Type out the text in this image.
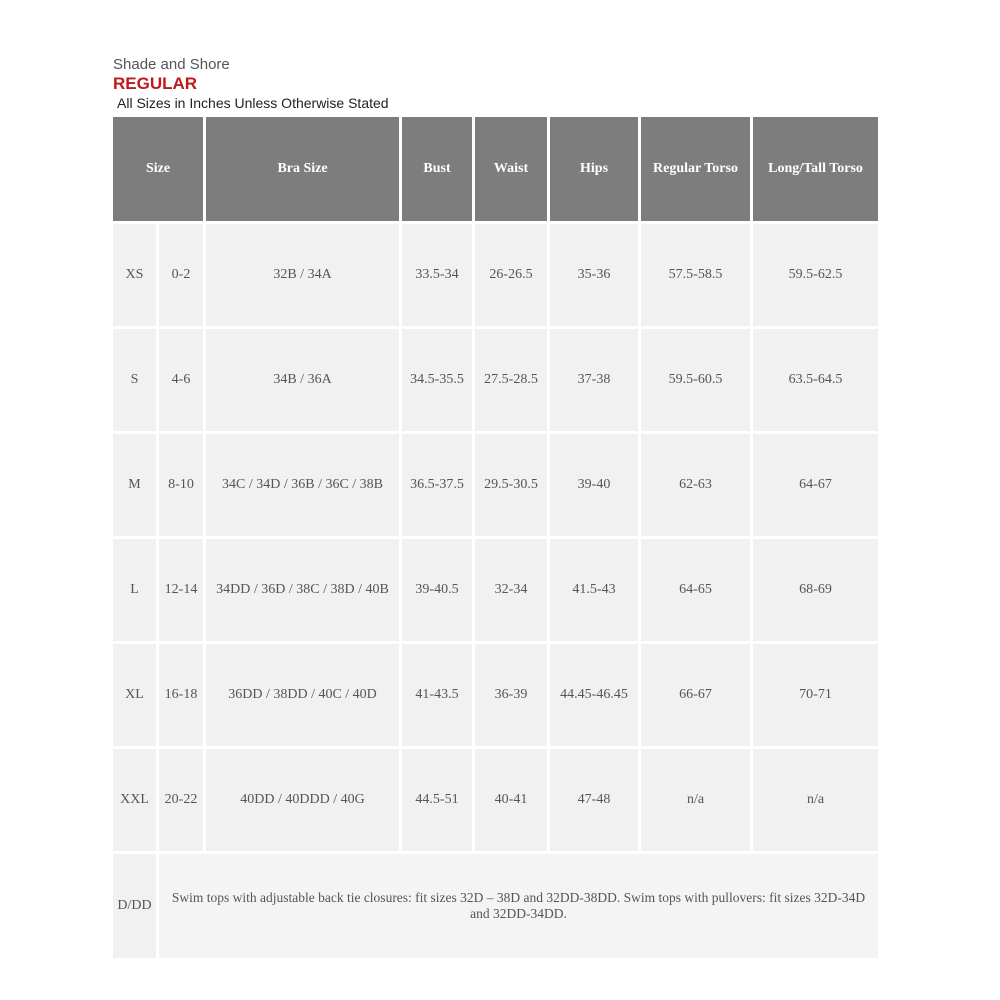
Shade and Shore
REGULAR
All Sizes in Inches Unless Otherwise Stated
Size		Bra Size	Bust	Waist	Hips	Regular Torso	Long/Tall Torso
XS	0-2	32B / 34A	33.5-34	26-26.5	35-36	57.5-58.5	59.5-62.5
S	4-6	34B / 36A	34.5-35.5	27.5-28.5	37-38	59.5-60.5	63.5-64.5
M	8-10	34C / 34D / 36B / 36C / 38B	36.5-37.5	29.5-30.5	39-40	62-63	64-67
L	12-14	34DD / 36D / 38C / 38D / 40B	39-40.5	32-34	41.5-43	64-65	68-69
XL	16-18	36DD / 38DD / 40C / 40D	41-43.5	36-39	44.45-46.45	66-67	70-71
XXL	20-22	40DD / 40DDD / 40G	44.5-51	40-41	47-48	n/a	n/a
D/DD	Swim tops with adjustable back tie closures: fit sizes 32D – 38D and 32DD-38DD. Swim tops with pullovers: fit sizes 32D-34D and 32DD-34DD.						
